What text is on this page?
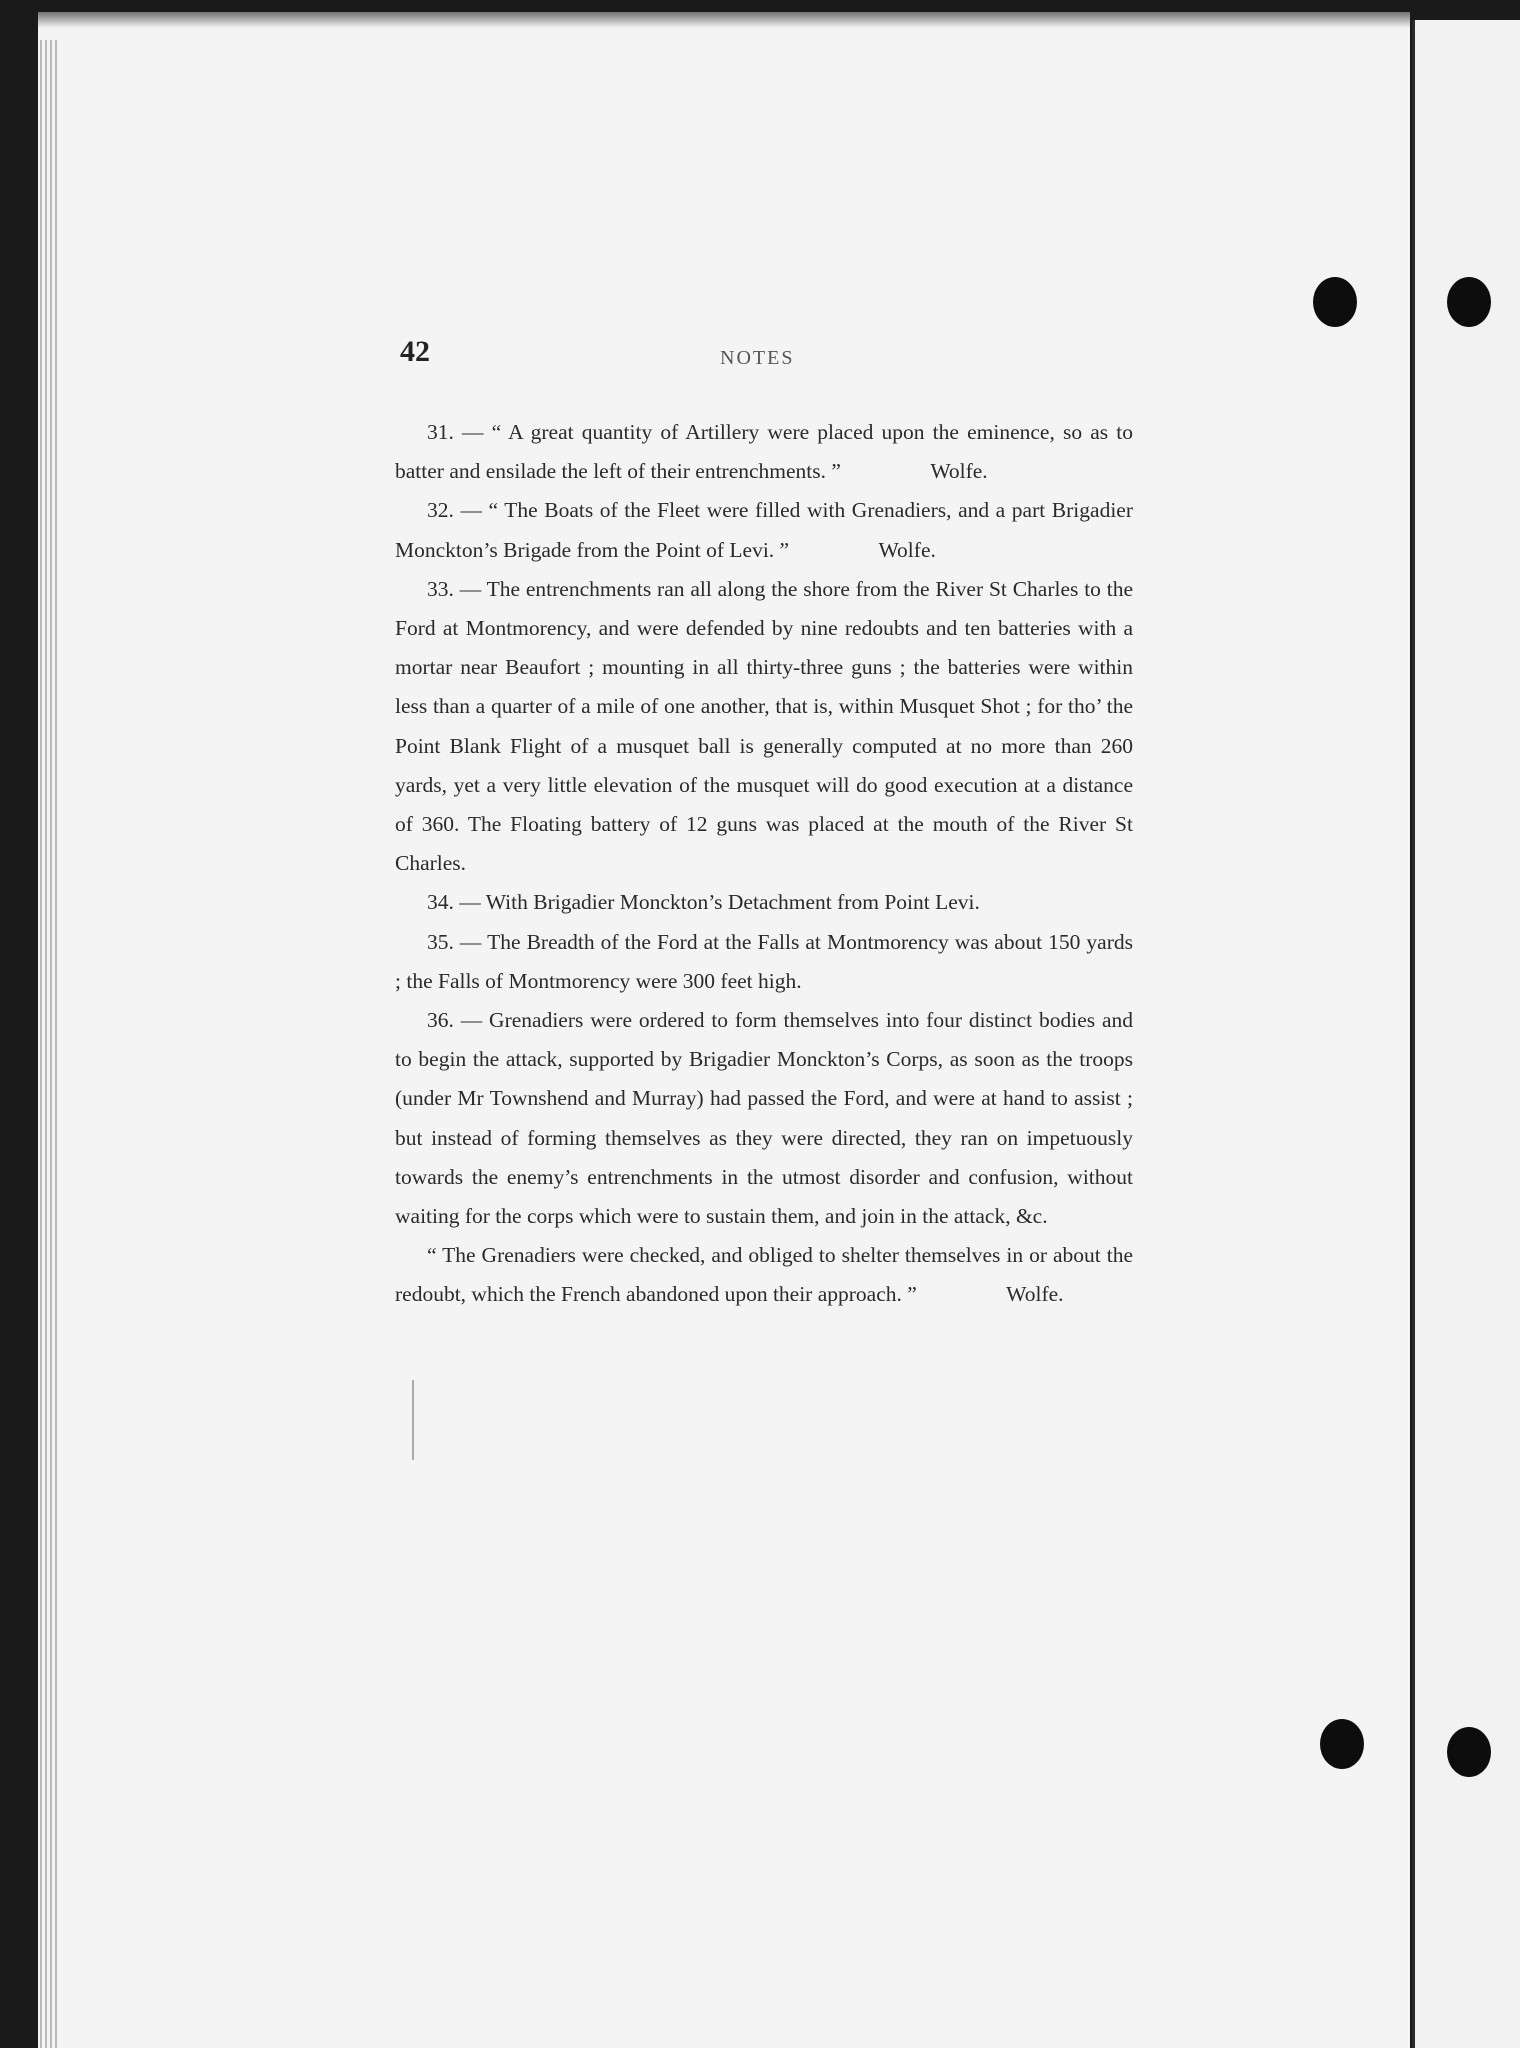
42	NOTES

31. — “ A great quantity of Artillery were placed upon the eminence, so as to batter and ensilade the left of their entrenchments. ”	Wolfe.

32. — “ The Boats of the Fleet were filled with Grenadiers, and a part Brigadier Monckton’s Brigade from the Point of Levi. ”	Wolfe.

33. — The entrenchments ran all along the shore from the River St Charles to the Ford at Montmorency, and were defended by nine redoubts and ten batteries with a mortar near Beaufort ; mounting in all thirty-three guns ; the batteries were within less than a quarter of a mile of one another, that is, within Musquet Shot ; for tho’ the Point Blank Flight of a musquet ball is generally computed at no more than 260 yards, yet a very little elevation of the musquet will do good execution at a distance of 360. The Floating battery of 12 guns was placed at the mouth of the River St Charles.

34. — With Brigadier Monckton’s Detachment from Point Levi.

35. — The Breadth of the Ford at the Falls at Montmorency was about 150 yards ; the Falls of Montmorency were 300 feet high.

36. — Grenadiers were ordered to form themselves into four distinct bodies and to begin the attack, supported by Brigadier Monckton’s Corps, as soon as the troops (under Mr Townshend and Murray) had passed the Ford, and were at hand to assist ; but instead of forming themselves as they were directed, they ran on impetuously towards the enemy’s entrenchments in the utmost disorder and confusion, without waiting for the corps which were to sustain them, and join in the attack, &c.

“ The Grenadiers were checked, and obliged to shelter themselves in or about the redoubt, which the French abandoned upon their approach. ”	Wolfe.
